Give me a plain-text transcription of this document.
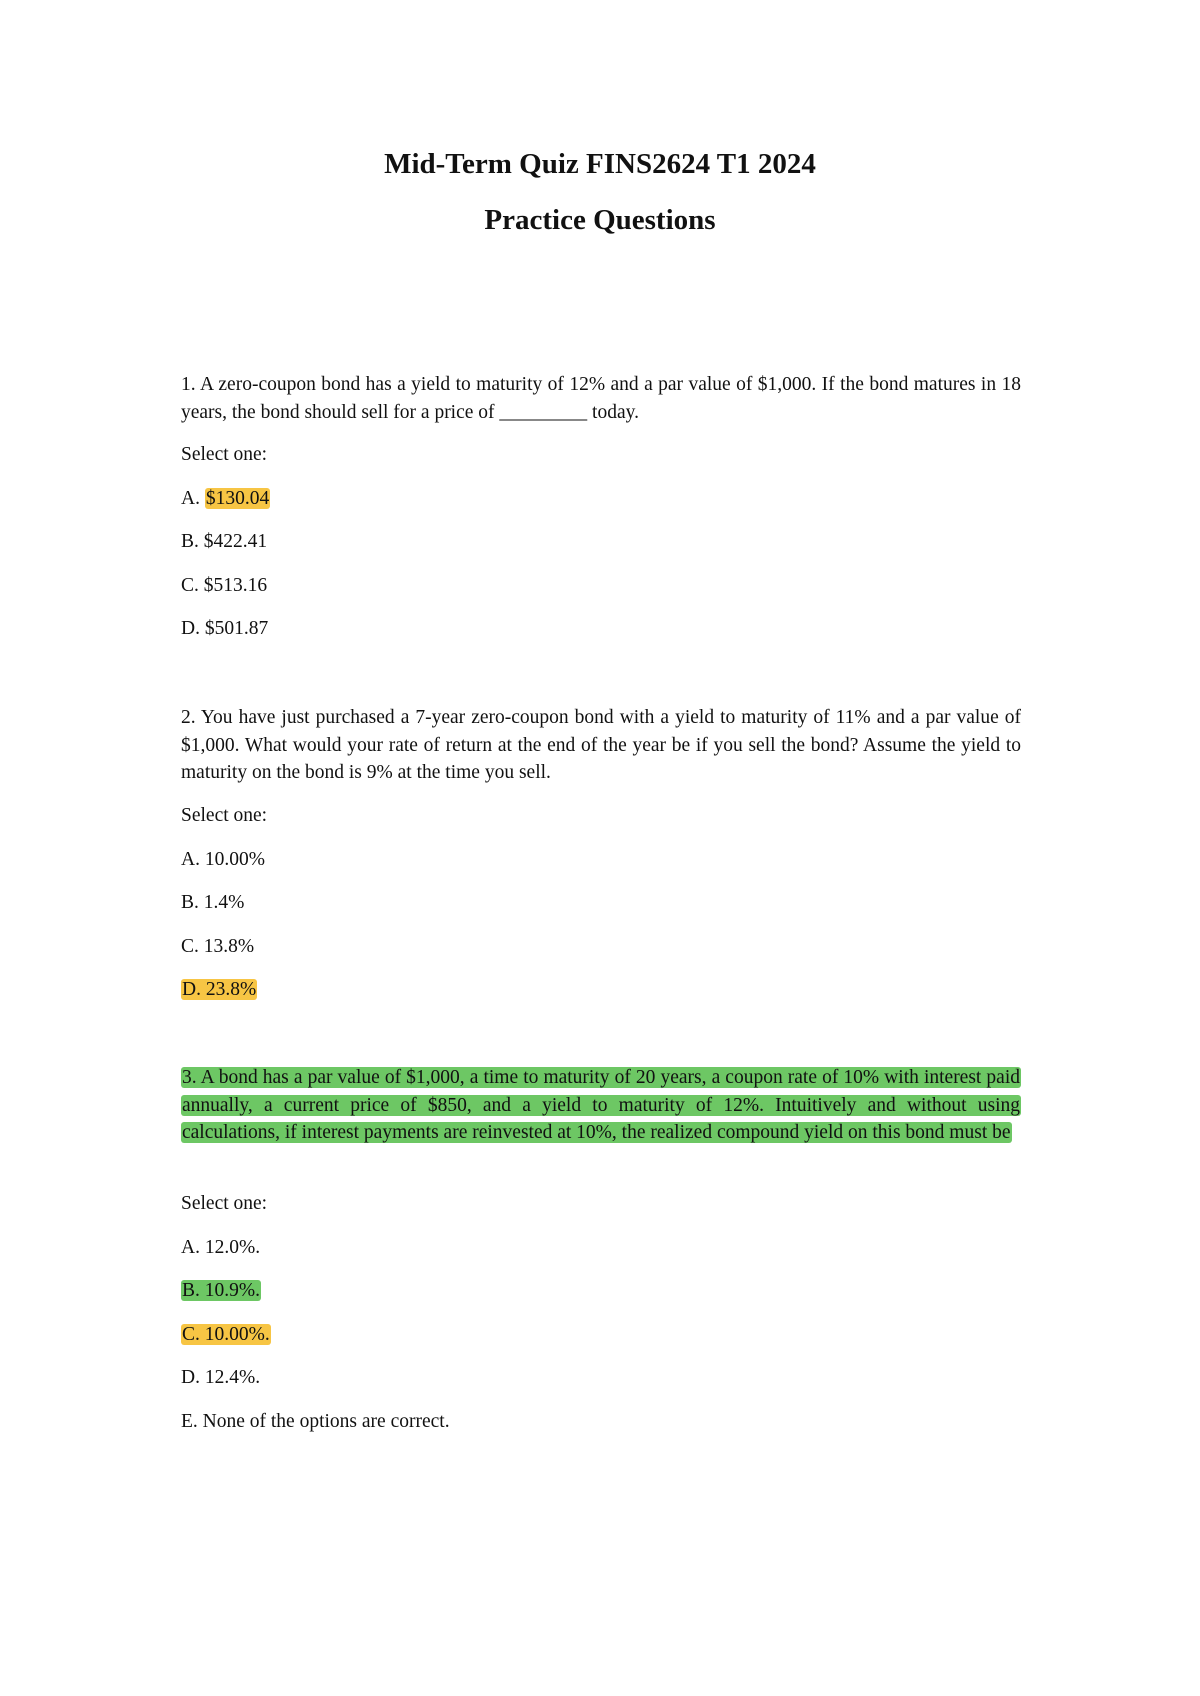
Mid-Term Quiz FINS2624 T1 2024
Practice Questions

1. A zero-coupon bond has a yield to maturity of 12% and a par value of $1,000. If the bond matures in 18 years, the bond should sell for a price of _________ today.

Select one:

A. $130.04

B. $422.41

C. $513.16

D. $501.87

2. You have just purchased a 7-year zero-coupon bond with a yield to maturity of 11% and a par value of $1,000. What would your rate of return at the end of the year be if you sell the bond? Assume the yield to maturity on the bond is 9% at the time you sell.

Select one:

A. 10.00%

B. 1.4%

C. 13.8%

D. 23.8%

3. A bond has a par value of $1,000, a time to maturity of 20 years, a coupon rate of 10% with interest paid annually, a current price of $850, and a yield to maturity of 12%. Intuitively and without using calculations, if interest payments are reinvested at 10%, the realized compound yield on this bond must be

Select one:

A. 12.0%.

B. 10.9%.

C. 10.00%.

D. 12.4%.

E. None of the options are correct.
